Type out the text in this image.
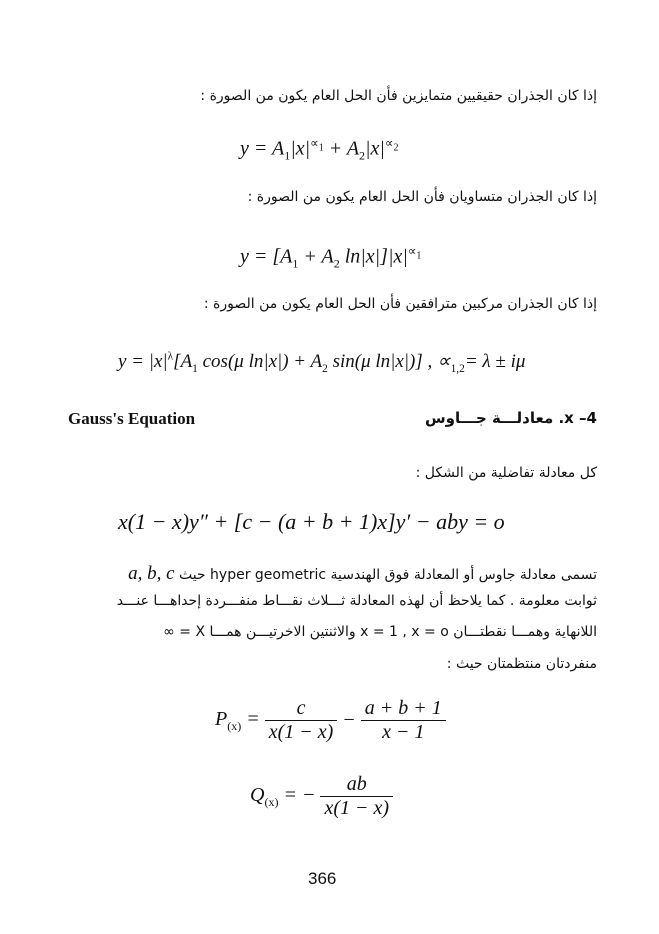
إذا كان الجذران حقيقيين متمايزين فأن الحل العام يكون من الصورة :
$y = A_1|x|^{\propto_1} + A_2|x|^{\propto_2}$
إذا كان الجذران متساويان فأن الحل العام يكون من الصورة :
$y = [A_1 + A_2$ $\ln|x|]|x|^{\propto_1}$
إذا كان الجذران مركبين مترافقين فأن الحل العام يكون من الصورة :
$y = |x|^\lambda[A_1$ cos(μ $\ln|x|) + A_2$ sin(μ ln|x|)] , $\propto_{1,2}= \lambda \pm i\mu$
Gauss's Equation	x –4. معادلـــة جـــاوس
كل معادلة تفاضلية من الشكل :
x(1 − x)y″ + [c − (a + b + 1)x]y′ − aby = o
تسمى معادلة جاوس أو المعادلة فوق الهندسية hyper geometric حيث a, b, c
ثوابت معلومة . كما يلاحظ أن لهذه المعادلة ثـــلاث نقـــاط منفـــردة إحداهـــا عنـــد
اللانهاية وهمـــا نقطتـــان x = 1 , x = o والاثنتين الاخرتيـــن همـــا X = ∞
منفردتان منتظمتان حيث :
$P_{(x)} = \frac{c}{x(1 - x)} - \frac{a + b + 1}{x - 1}$
$Q_{(x)}$ = − $\frac{ab}{x(1 - x)}$
366
